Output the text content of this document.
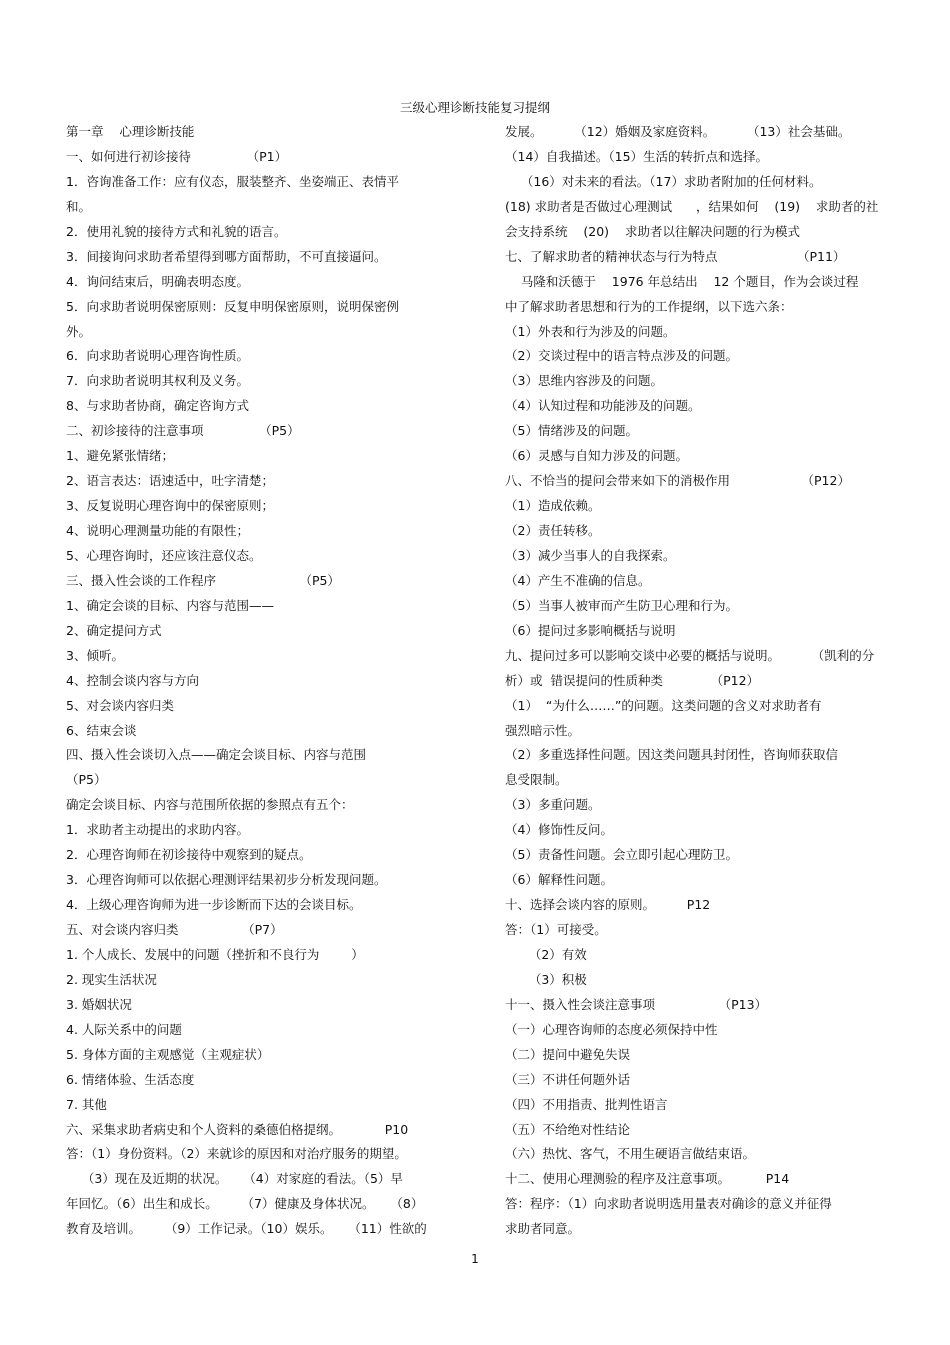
三级心理诊断技能复习提纲
第一章    心理诊断技能
一、如何进行初诊接待              （P1）
1．咨询准备工作：应有仪态，服装整齐、坐姿端正、表情平
和。
2．使用礼貌的接待方式和礼貌的语言。
3．间接询问求助者希望得到哪方面帮助，不可直接逼问。
4．询问结束后，明确表明态度。
5．向求助者说明保密原则：反复申明保密原则，说明保密例
外。
6．向求助者说明心理咨询性质。
7．向求助者说明其权利及义务。
8、与求助者协商，确定咨询方式
二、初诊接待的注意事项              （P5）
1、避免紧张情绪；
2、语言表达：语速适中，吐字清楚；
3、反复说明心理咨询中的保密原则；
4、说明心理测量功能的有限性；
5、心理咨询时，还应该注意仪态。
三、摄入性会谈的工作程序                     （P5）
1、确定会谈的目标、内容与范围——
2、确定提问方式
3、倾听。
4、控制会谈内容与方向
5、对会谈内容归类
6、结束会谈
四、摄入性会谈切入点——确定会谈目标、内容与范围
（P5）
确定会谈目标、内容与范围所依据的参照点有五个：
1．求助者主动提出的求助内容。
2．心理咨询师在初诊接待中观察到的疑点。
3．心理咨询师可以依据心理测评结果初步分析发现问题。
4．上级心理咨询师为进一步诊断而下达的会谈目标。
五、对会谈内容归类                （P7）
1. 个人成长、发展中的问题（挫折和不良行为        ）
2. 现实生活状况
3. 婚姻状况
4. 人际关系中的问题
5. 身体方面的主观感觉（主观症状）
6. 情绪体验、生活态度
7. 其他
六、采集求助者病史和个人资料的桑德伯格提纲。           P10
答：（1）身份资料。（2）来就诊的原因和对治疗服务的期望。
（3）现在及近期的状况。    （4）对家庭的看法。（5）早
年回忆。（6）出生和成长。      （7）健康及身体状况。    （8）
教育及培训。      （9）工作记录。（10）娱乐。    （11）性欲的
发展。        （12）婚姻及家庭资料。        （13）社会基础。
（14）自我描述。（15）生活的转折点和选择。
（16）对未来的看法。（17）求助者附加的任何材料。
(18) 求助者是否做过心理测试      ，结果如何    (19)    求助者的社
会支持系统    (20)    求助者以往解决问题的行为模式
七、了解求助者的精神状态与行为特点                    （P11）
马隆和沃德于    1976 年总结出    12 个题目，作为会谈过程
中了解求助者思想和行为的工作提纲，以下选六条：
（1）外表和行为涉及的问题。
（2）交谈过程中的语言特点涉及的问题。
（3）思维内容涉及的问题。
（4）认知过程和功能涉及的问题。
（5）情绪涉及的问题。
（6）灵感与自知力涉及的问题。
八、不恰当的提问会带来如下的消极作用                  （P12）
（1）造成依赖。
（2）责任转移。
（3）减少当事人的自我探索。
（4）产生不准确的信息。
（5）当事人被审而产生防卫心理和行为。
（6）提问过多影响概括与说明
九、提问过多可以影响交谈中必要的概括与说明。        （凯利的分
析）或  错误提问的性质种类            （P12）
（1）  “为什么……”的问题。这类问题的含义对求助者有
强烈暗示性。
（2）多重选择性问题。因这类问题具封闭性，咨询师获取信
息受限制。
（3）多重问题。
（4）修饰性反问。
（5）责备性问题。会立即引起心理防卫。
（6）解释性问题。
十、选择会谈内容的原则。        P12
答：（1）可接受。
（2）有效
（3）积极
十一、摄入性会谈注意事项                （P13）
（一）心理咨询师的态度必须保持中性
（二）提问中避免失误
（三）不讲任何题外话
（四）不用指责、批判性语言
（五）不给绝对性结论
（六）热忱、客气，不用生硬语言做结束语。
十二、使用心理测验的程序及注意事项。         P14
答：程序：（1）向求助者说明选用量表对确诊的意义并征得
求助者同意。
1
